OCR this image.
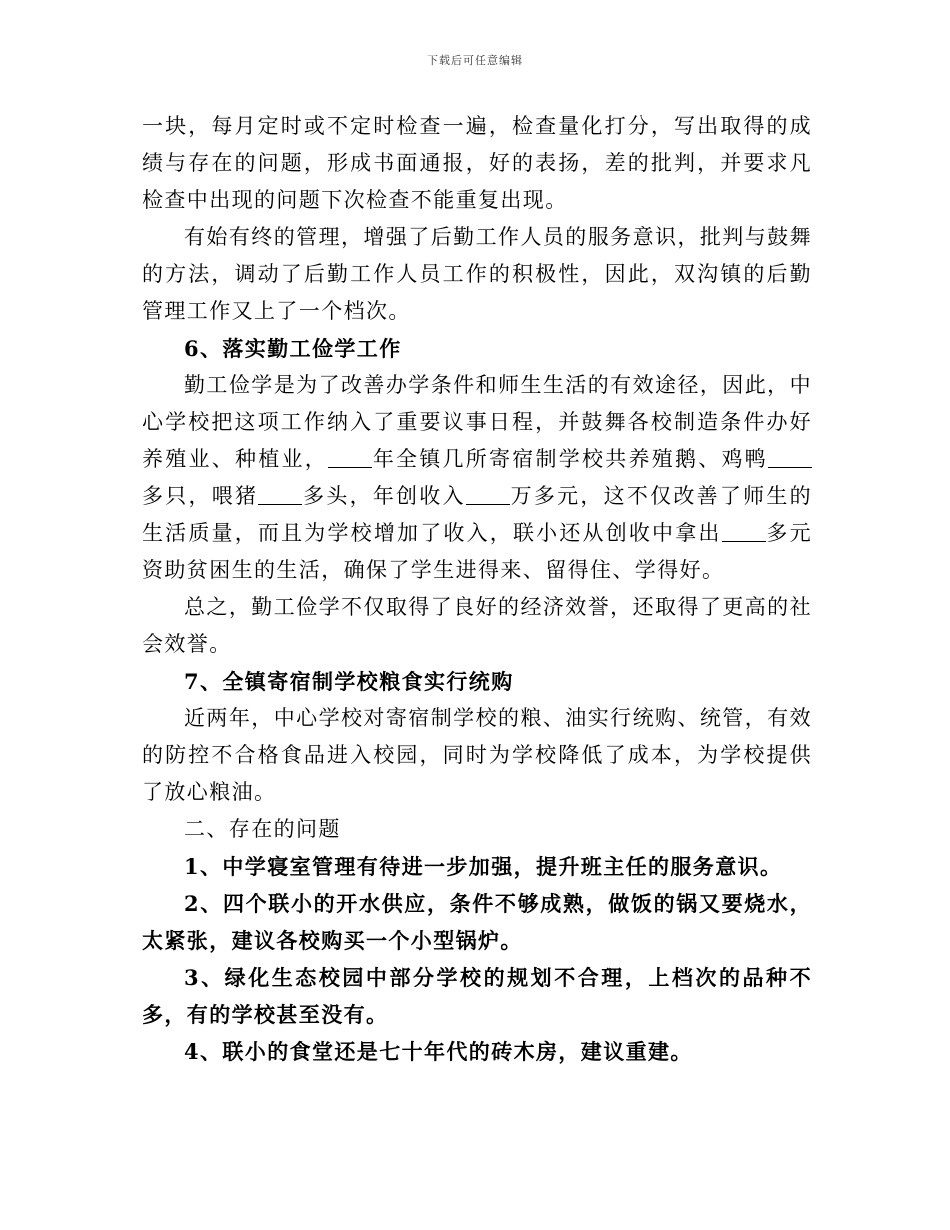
下载后可任意编辑

一块，每月定时或不定时检查一遍，检查量化打分，写出取得的成绩与存在的问题，形成书面通报，好的表扬，差的批判，并要求凡检查中出现的问题下次检查不能重复出现。

有始有终的管理，增强了后勤工作人员的服务意识，批判与鼓舞的方法，调动了后勤工作人员工作的积极性，因此，双沟镇的后勤管理工作又上了一个档次。

6、落实勤工俭学工作

勤工俭学是为了改善办学条件和师生生活的有效途径，因此，中心学校把这项工作纳入了重要议事日程，并鼓舞各校制造条件办好养殖业、种植业， 年全镇几所寄宿制学校共养殖鹅、鸡鸭多只，喂猪 多头，年创收入 万多元，这不仅改善了师生的生活质量，而且为学校增加了收入，联小还从创收中拿出 多元资助贫困生的生活，确保了学生进得来、留得住、学得好。

总之，勤工俭学不仅取得了良好的经济效誉，还取得了更高的社会效誉。

7、全镇寄宿制学校粮食实行统购

近两年，中心学校对寄宿制学校的粮、油实行统购、统管，有效的防控不合格食品进入校园，同时为学校降低了成本，为学校提供了放心粮油。

二、存在的问题

1、中学寝室管理有待进一步加强，提升班主任的服务意识。

2、四个联小的开水供应，条件不够成熟，做饭的锅又要烧水，太紧张，建议各校购买一个小型锅炉。

3、绿化生态校园中部分学校的规划不合理，上档次的品种不多，有的学校甚至没有。

4、联小的食堂还是七十年代的砖木房，建议重建。
